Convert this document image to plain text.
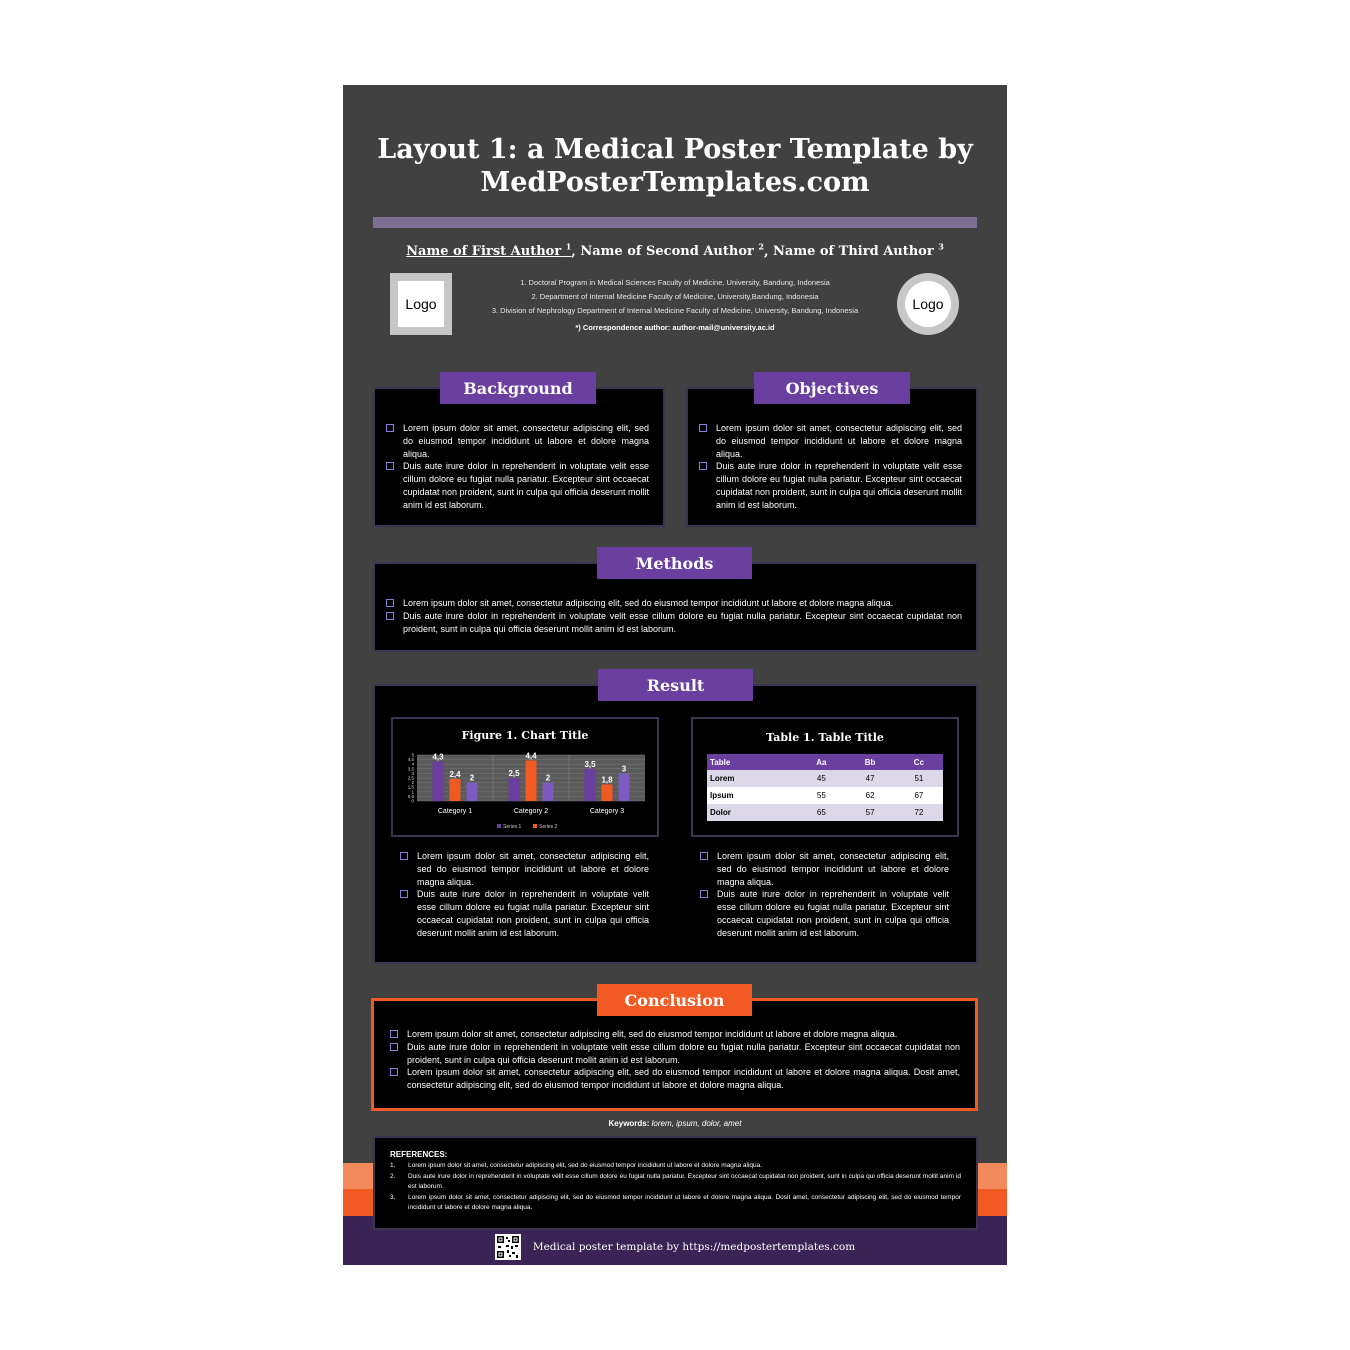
Layout 1: a Medical Poster Template by
MedPosterTemplates.com
Name of First Author $^1$, Name of Second Author $^2$, Name of Third Author $^3$
Logo	Logo
1. Doctoral Program in Medical Sciences Faculty of Medicine, University, Bandung, Indonesia
2. Department of Internal Medicine Faculty of Medicine, University,Bandung, Indonesia
3. Division of Nephrology Department of Internal Medicine Faculty of Medicine, University, Bandung, Indonesia
*) Correspondence author: author-mail@university.ac.id
Lorem ipsum dolor sit amet, consectetur adipiscing elit, sed do eiusmod tempor incididunt ut labore et dolore magna aliqua.
Duis aute irure dolor in reprehenderit in voluptate velit esse cillum dolore eu fugiat nulla pariatur. Excepteur sint occaecat cupidatat non proident, sunt in culpa qui officia deserunt mollit anim id est laborum.
Background
Lorem ipsum dolor sit amet, consectetur adipiscing elit, sed do eiusmod tempor incididunt ut labore et dolore magna aliqua.
Duis aute irure dolor in reprehenderit in voluptate velit esse cillum dolore eu fugiat nulla pariatur. Excepteur sint occaecat cupidatat non proident, sunt in culpa qui officia deserunt mollit anim id est laborum.
Objectives
Lorem ipsum dolor sit amet, consectetur adipiscing elit, sed do eiusmod tempor incididunt ut labore et dolore magna aliqua.
Duis aute irure dolor in reprehenderit in voluptate velit esse cillum dolore eu fugiat nulla pariatur. Excepteur sint occaecat cupidatat non proident, sunt in culpa qui officia deserunt mollit anim id est laborum.
Methods
Figure 1. Chart Title
0
0,5
1
1,5
2
2,5
3
3,5
4
4,5
5 4,3
2,4 2
Category 1
2,5
4,4
2
Category 2
3,5
1,8
3
Category 3
Series 1	Series 2
Table 1. Table Title
Table	Aa	Bb	Cc
Lorem	45	47	51
Ipsum	55	62	67
Dolor	65	57	72
Lorem ipsum dolor sit amet, consectetur adipiscing elit, sed do eiusmod tempor incididunt ut labore et dolore magna aliqua.
Duis aute irure dolor in reprehenderit in voluptate velit esse cillum dolore eu fugiat nulla pariatur. Excepteur sint occaecat cupidatat non proident, sunt in culpa qui officia deserunt mollit anim id est laborum.
Lorem ipsum dolor sit amet, consectetur adipiscing elit, sed do eiusmod tempor incididunt ut labore et dolore magna aliqua.
Duis aute irure dolor in reprehenderit in voluptate velit esse cillum dolore eu fugiat nulla pariatur. Excepteur sint occaecat cupidatat non proident, sunt in culpa qui officia deserunt mollit anim id est laborum.
Result
Lorem ipsum dolor sit amet, consectetur adipiscing elit, sed do eiusmod tempor incididunt ut labore et dolore magna aliqua.
Duis aute irure dolor in reprehenderit in voluptate velit esse cillum dolore eu fugiat nulla pariatur. Excepteur sint occaecat cupidatat non proident, sunt in culpa qui officia deserunt mollit anim id est laborum.
Lorem ipsum dolor sit amet, consectetur adipiscing elit, sed do eiusmod tempor incididunt ut labore et dolore magna aliqua. Dosit amet, consectetur adipiscing elit, sed do eiusmod tempor incididunt ut labore et dolore magna aliqua.
Conclusion
Keywords: lorem, ipsum, dolor, amet
REFERENCES:
1. Lorem ipsum dolor sit amet, consectetur adipiscing elit, sed do eiusmod tempor incididunt ut labore et dolore magna aliqua.
2. Duis aute irure dolor in reprehenderit in voluptate velit esse cillum dolore eu fugiat nulla pariatur. Excepteur sint occaecat cupidatat non proident, sunt in culpa qui officia deserunt mollit anim id est laborum.
3. Lorem ipsum dolor sit amet, consectetur adipiscing elit, sed do eiusmod tempor incididunt ut labore et dolore magna aliqua. Dosit amet, consectetur adipiscing elit, sed do eiusmod tempor incididunt ut labore et dolore magna aliqua.
Medical poster template by https://medpostertemplates.com
